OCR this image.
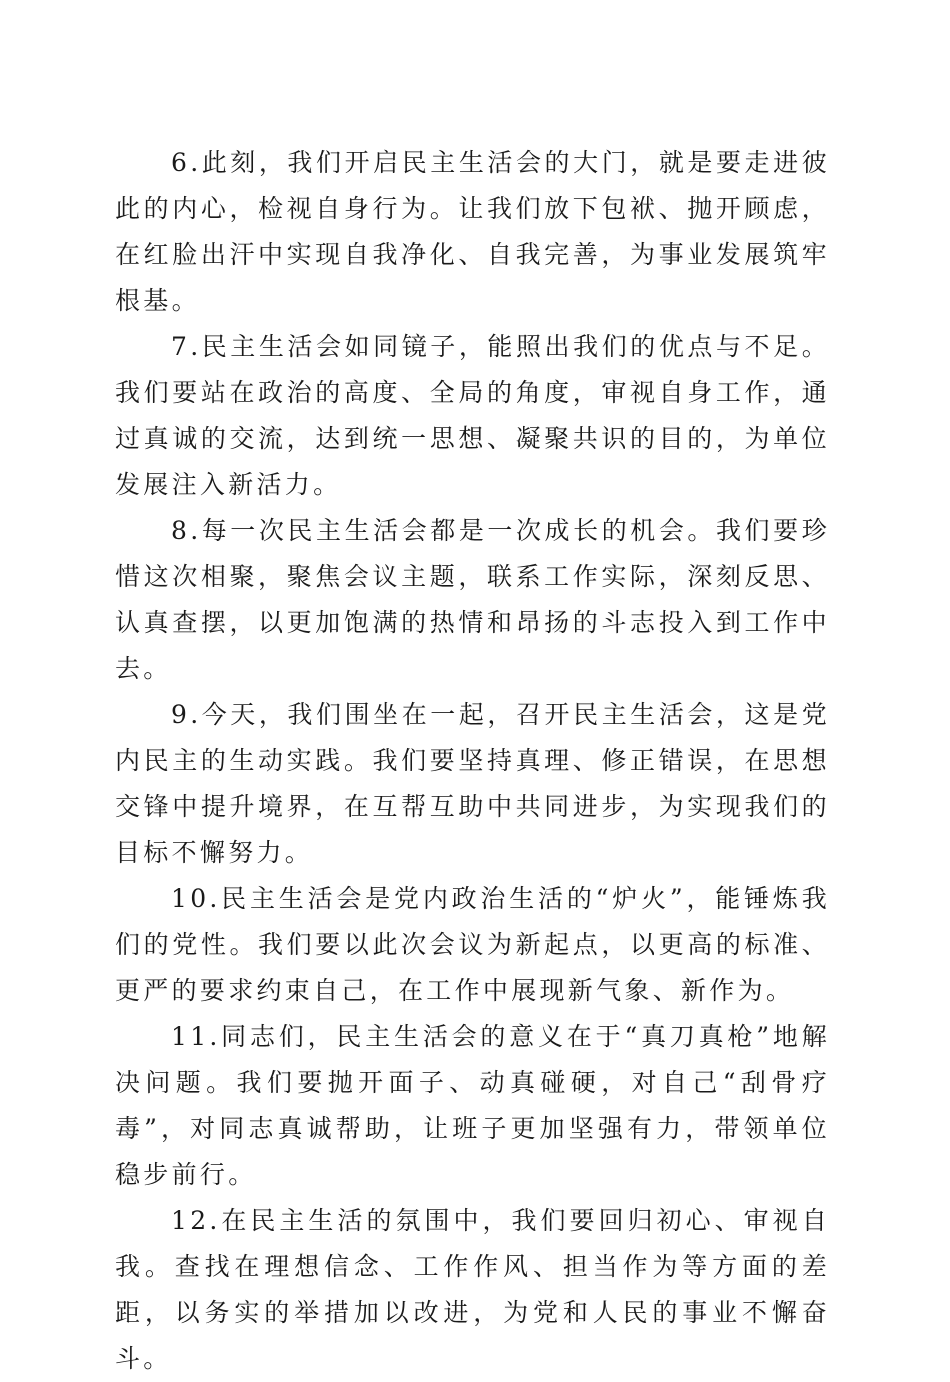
6.此刻，我们开启民主生活会的大门，就是要走进彼此的内心，检视自身行为。让我们放下包袱、抛开顾虑，在红脸出汗中实现自我净化、自我完善，为事业发展筑牢根基。

7.民主生活会如同镜子，能照出我们的优点与不足。我们要站在政治的高度、全局的角度，审视自身工作，通过真诚的交流，达到统一思想、凝聚共识的目的，为单位发展注入新活力。

8.每一次民主生活会都是一次成长的机会。我们要珍惜这次相聚，聚焦会议主题，联系工作实际，深刻反思、认真查摆，以更加饱满的热情和昂扬的斗志投入到工作中去。

9.今天，我们围坐在一起，召开民主生活会，这是党内民主的生动实践。我们要坚持真理、修正错误，在思想交锋中提升境界，在互帮互助中共同进步，为实现我们的目标不懈努力。

10.民主生活会是党内政治生活的“炉火”，能锤炼我们的党性。我们要以此次会议为新起点，以更高的标准、更严的要求约束自己，在工作中展现新气象、新作为。

11.同志们，民主生活会的意义在于“真刀真枪”地解决问题。我们要抛开面子、动真碰硬，对自己“刮骨疗毒”，对同志真诚帮助，让班子更加坚强有力，带领单位稳步前行。

12.在民主生活的氛围中，我们要回归初心、审视自我。查找在理想信念、工作作风、担当作为等方面的差距，以务实的举措加以改进，为党和人民的事业不懈奋斗。
